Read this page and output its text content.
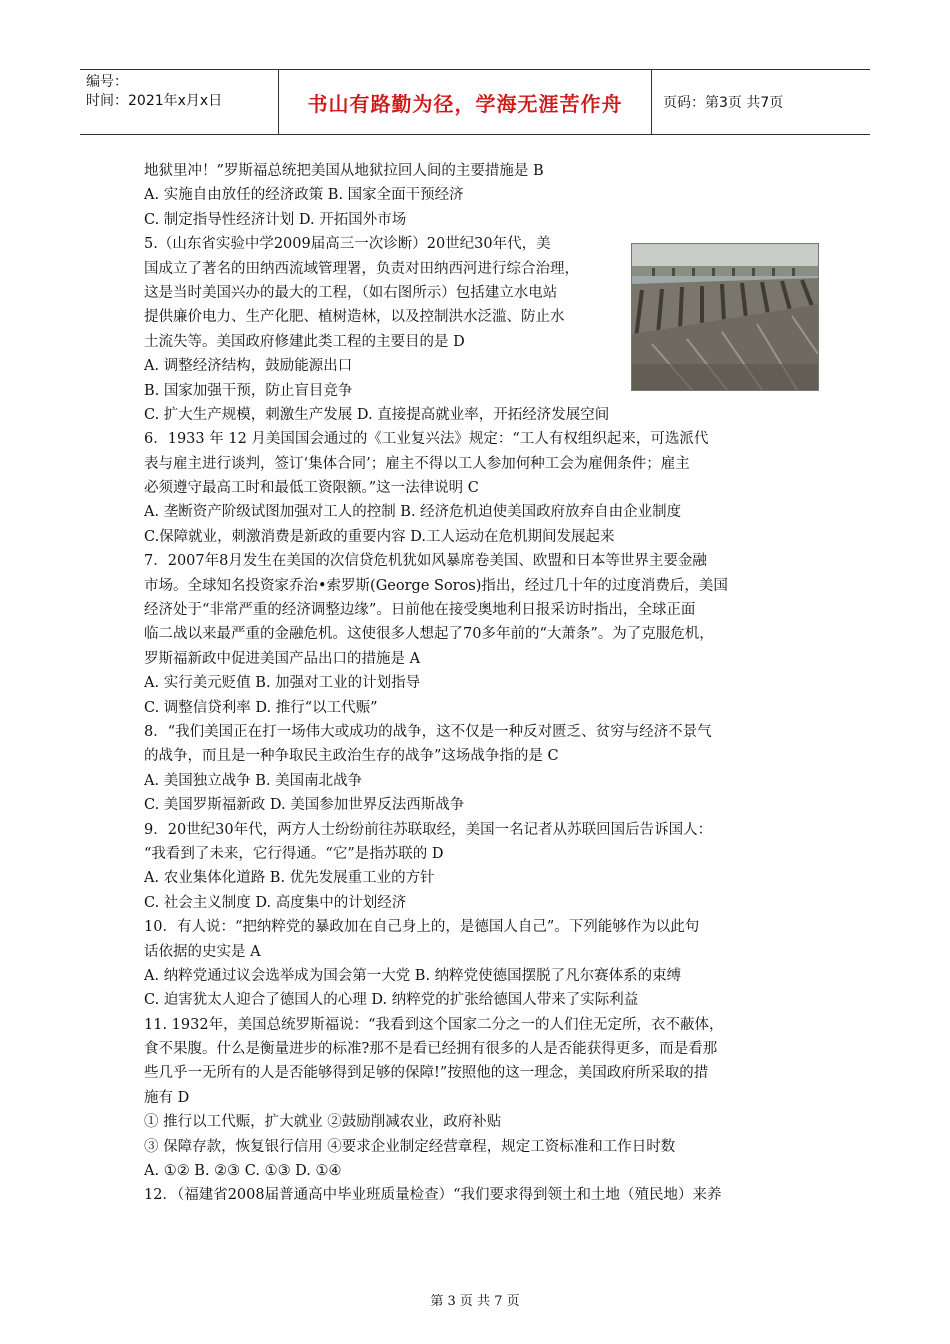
编号：
时间：2021年x月x日	书山有路勤为径，学海无涯苦作舟	页码：第3页 共7页
地狱里冲！”罗斯福总统把美国从地狱拉回人间的主要措施是 B
A. 实施自由放任的经济政策 B. 国家全面干预经济
C. 制定指导性经济计划 D. 开拓国外市场
5.（山东省实验中学2009届高三一次诊断）20世纪30年代，美
国成立了著名的田纳西流域管理署，负责对田纳西河进行综合治理，
这是当时美国兴办的最大的工程，（如右图所示）包括建立水电站
提供廉价电力、生产化肥、植树造林，以及控制洪水泛滥、防止水
土流失等。美国政府修建此类工程的主要目的是 D
A. 调整经济结构，鼓励能源出口
B. 国家加强干预，防止盲目竞争
C. 扩大生产规模，刺激生产发展 D. 直接提高就业率，开拓经济发展空间
6．1933 年 12 月美国国会通过的《工业复兴法》规定：“工人有权组织起来，可选派代
表与雇主进行谈判，签订‘集体合同’；雇主不得以工人参加何种工会为雇佣条件；雇主
必须遵守最高工时和最低工资限额。”这一法律说明 C
A. 垄断资产阶级试图加强对工人的控制 B. 经济危机迫使美国政府放弃自由企业制度
C.保障就业，刺激消费是新政的重要内容 D.工人运动在危机期间发展起来
7．2007年8月发生在美国的次信贷危机犹如风暴席卷美国、欧盟和日本等世界主要金融
市场。全球知名投资家乔治•索罗斯(George Soros)指出，经过几十年的过度消费后，美国
经济处于“非常严重的经济调整边缘”。日前他在接受奥地利日报采访时指出，全球正面
临二战以来最严重的金融危机。这使很多人想起了70多年前的“大萧条”。为了克服危机，
罗斯福新政中促进美国产品出口的措施是 A
A. 实行美元贬值 B. 加强对工业的计划指导
C. 调整信贷利率 D. 推行“以工代赈”
8．“我们美国正在打一场伟大或成功的战争，这不仅是一种反对匮乏、贫穷与经济不景气
的战争，而且是一种争取民主政治生存的战争”这场战争指的是 C
A. 美国独立战争 B. 美国南北战争
C. 美国罗斯福新政 D. 美国参加世界反法西斯战争
9．20世纪30年代，两方人士纷纷前往苏联取经，美国一名记者从苏联回国后告诉国人：
“我看到了未来，它行得通。“它”是指苏联的 D
A. 农业集体化道路 B. 优先发展重工业的方针
C. 社会主义制度 D. 高度集中的计划经济
10．有人说：“把纳粹党的暴政加在自己身上的，是德国人自己”。下列能够作为以此句
话依据的史实是 A
A. 纳粹党通过议会选举成为国会第一大党 B. 纳粹党使德国摆脱了凡尔赛体系的束缚
C. 迫害犹太人迎合了德国人的心理 D. 纳粹党的扩张给德国人带来了实际利益
11. 1932年，美国总统罗斯福说：“我看到这个国家二分之一的人们住无定所，衣不蔽体，
食不果腹。什么是衡量进步的标准?那不是看已经拥有很多的人是否能获得更多，而是看那
些几乎一无所有的人是否能够得到足够的保障!”按照他的这一理念，美国政府所采取的措
施有 D
① 推行以工代赈，扩大就业 ②鼓励削减农业，政府补贴
③ 保障存款，恢复银行信用 ④要求企业制定经营章程，规定工资标准和工作日时数
A. ①② B. ②③ C. ①③ D. ①④
12．（福建省2008届普通高中毕业班质量检查）“我们要求得到领土和土地（殖民地）来养
第 3 页 共 7 页
